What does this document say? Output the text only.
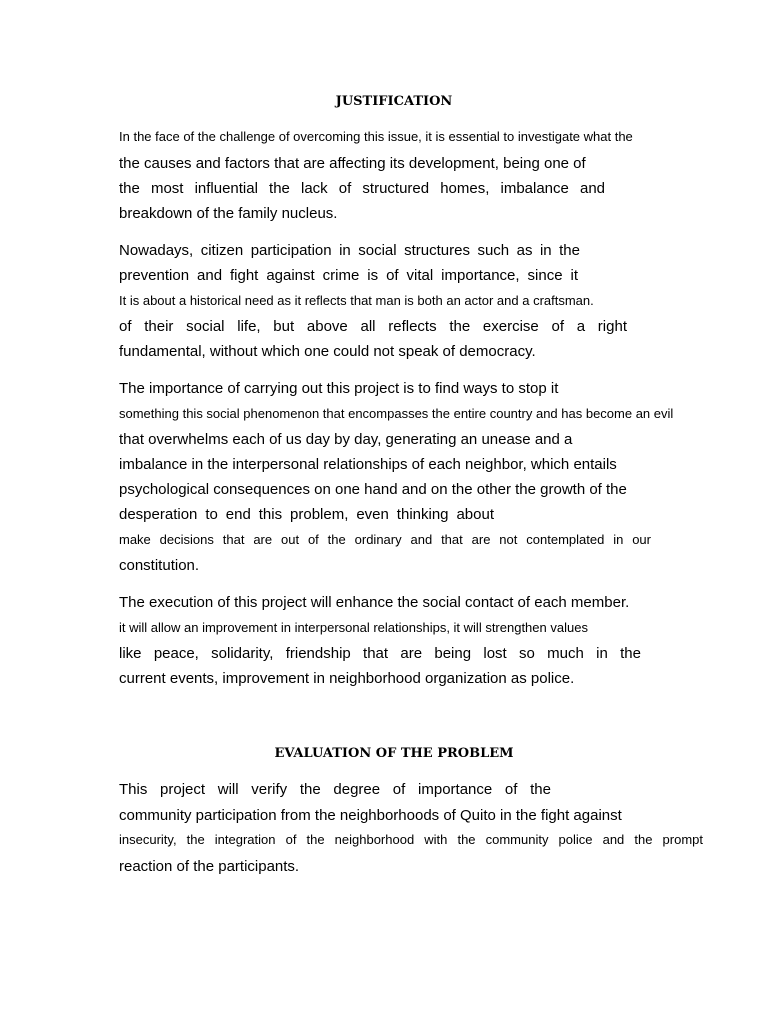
JUSTIFICATION
In the face of the challenge of overcoming this issue, it is essential to investigate what the
the causes and factors that are affecting its development, being one of
the most influential the lack of structured homes, imbalance and
breakdown of the family nucleus.
Nowadays, citizen participation in social structures such as in the
prevention and fight against crime is of vital importance, since it
It is about a historical need as it reflects that man is both an actor and a craftsman.
of their social life, but above all reflects the exercise of a right
fundamental, without which one could not speak of democracy.
The importance of carrying out this project is to find ways to stop it
something this social phenomenon that encompasses the entire country and has become an evil
that overwhelms each of us day by day, generating an unease and a
imbalance in the interpersonal relationships of each neighbor, which entails
psychological consequences on one hand and on the other the growth of the
desperation to end this problem, even thinking about
make decisions that are out of the ordinary and that are not contemplated in our
constitution.
The execution of this project will enhance the social contact of each member.
it will allow an improvement in interpersonal relationships, it will strengthen values
like peace, solidarity, friendship that are being lost so much in the
current events, improvement in neighborhood organization as police.
EVALUATION OF THE PROBLEM
This project will verify the degree of importance of the
community participation from the neighborhoods of Quito in the fight against
insecurity, the integration of the neighborhood with the community police and the prompt
reaction of the participants.
